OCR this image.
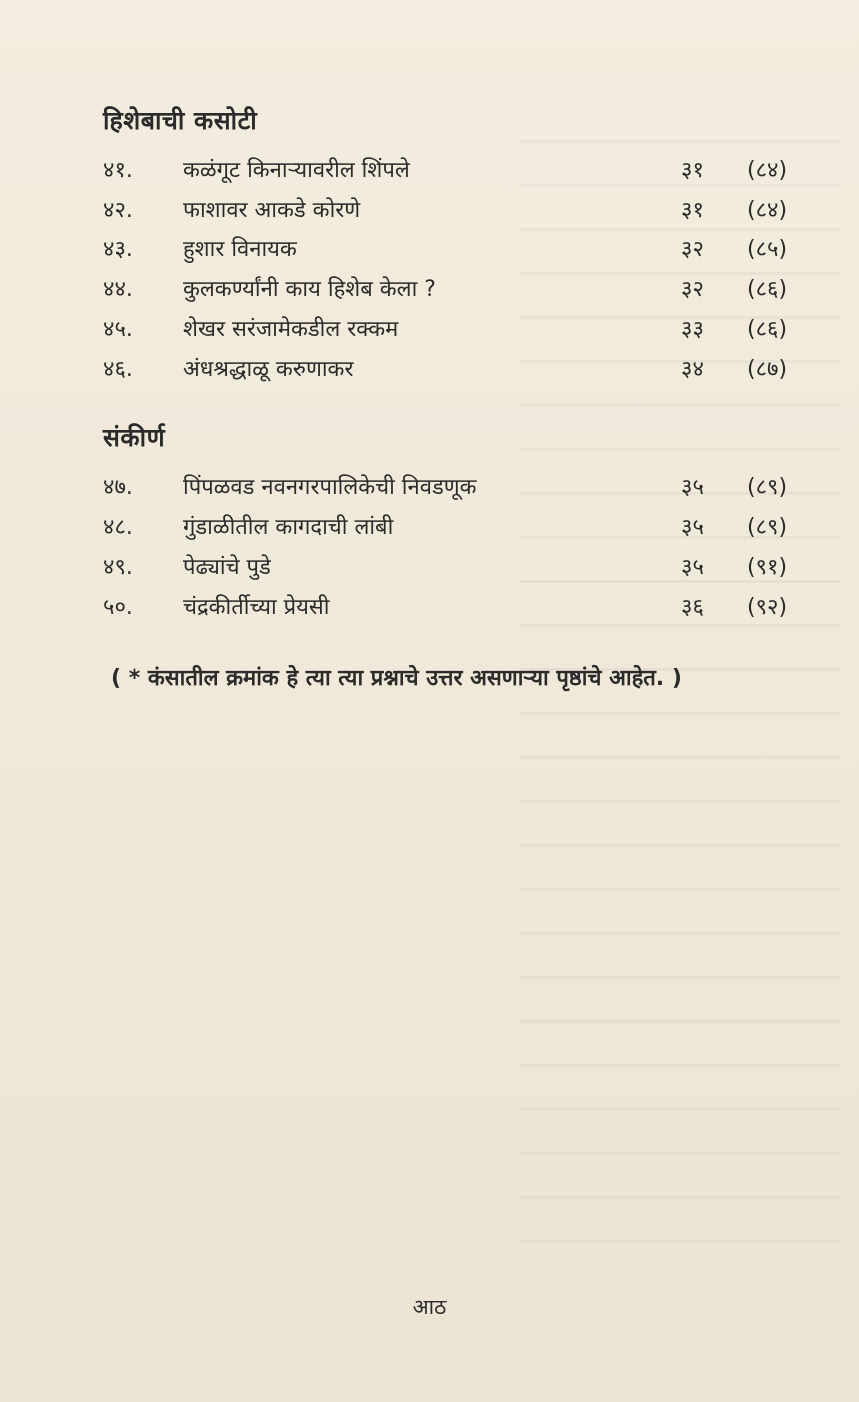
हिशेबाची कसोटी
४१.	कळंगूट किनाऱ्यावरील शिंपले	३१	(८४)
४२.	फाशावर आकडे कोरणे	३१	(८४)
४३.	हुशार विनायक	३२	(८५)
४४.	कुलकर्ण्यांनी काय हिशेब केला ?	३२	(८६)
४५.	शेखर सरंजामेकडील रक्कम	३३	(८६)
४६.	अंधश्रद्धाळू करुणाकर	३४	(८७)
संकीर्ण
४७.	पिंपळवड नवनगरपालिकेची निवडणूक	३५	(८९)
४८.	गुंडाळीतील कागदाची लांबी	३५	(८९)
४९.	पेढ्यांचे पुडे	३५	(९१)
५०.	चंद्रकीर्तीच्या प्रेयसी	३६	(९२)
( * कंसातील क्रमांक हे त्या त्या प्रश्नाचे उत्तर असणाऱ्या पृष्ठांचे आहेत. )
आठ
